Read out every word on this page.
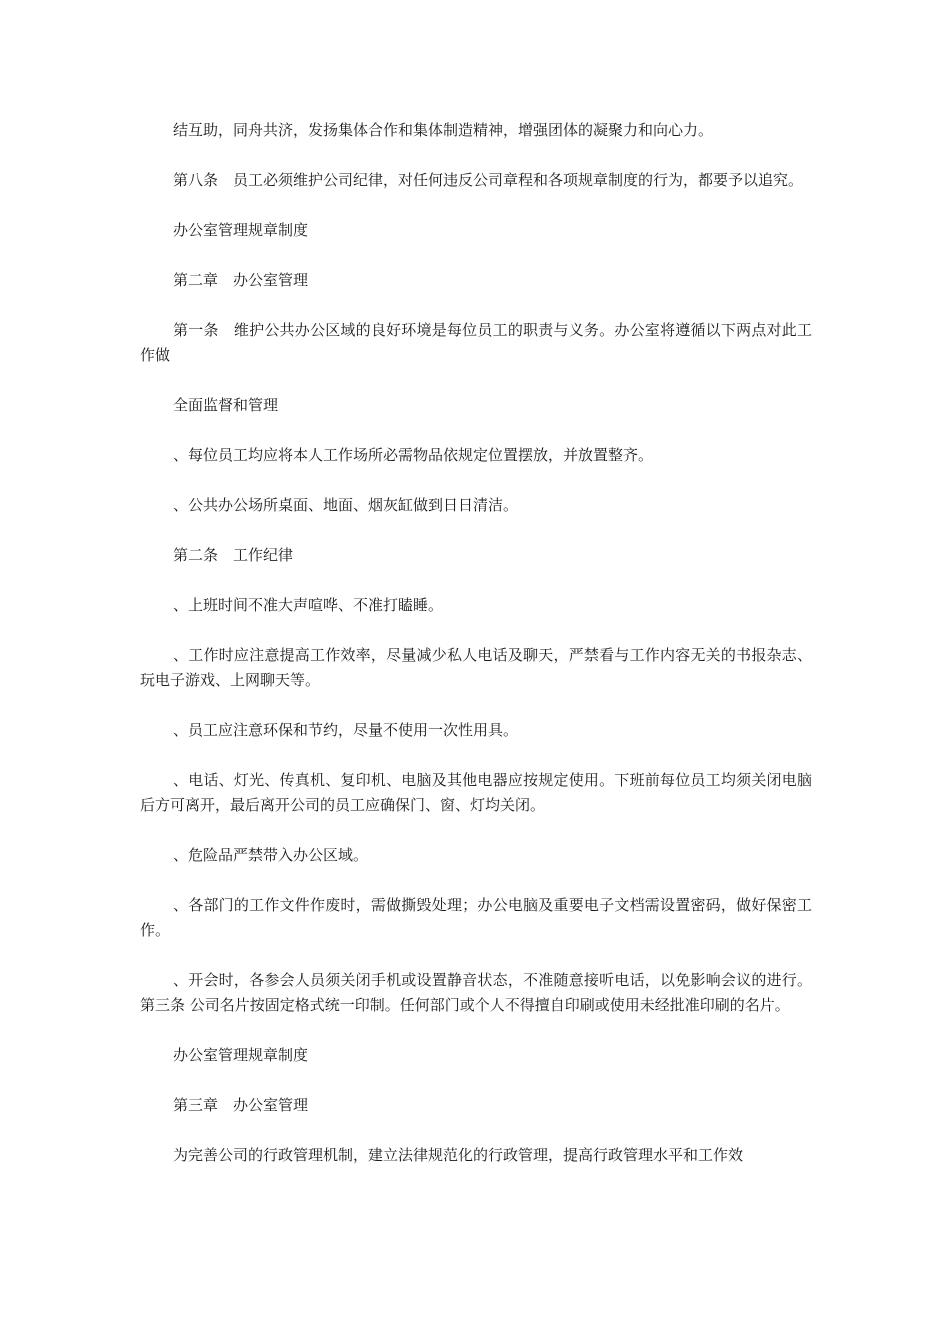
结互助，同舟共济，发扬集体合作和集体制造精神，增强团体的凝聚力和向心力。

第八条　员工必须维护公司纪律，对任何违反公司章程和各项规章制度的行为，都要予以追究。

办公室管理规章制度

第二章　办公室管理

第一条　维护公共办公区域的良好环境是每位员工的职责与义务。办公室将遵循以下两点对此工作做

全面监督和管理

、每位员工均应将本人工作场所必需物品依规定位置摆放，并放置整齐。

、公共办公场所桌面、地面、烟灰缸做到日日清洁。

第二条　工作纪律

、上班时间不准大声喧哗、不准打瞌睡。

、工作时应注意提高工作效率，尽量减少私人电话及聊天，严禁看与工作内容无关的书报杂志、玩电子游戏、上网聊天等。

、员工应注意环保和节约，尽量不使用一次性用具。

、电话、灯光、传真机、复印机、电脑及其他电器应按规定使用。下班前每位员工均须关闭电脑后方可离开，最后离开公司的员工应确保门、窗、灯均关闭。

、危险品严禁带入办公区域。

、各部门的工作文件作废时，需做撕毁处理；办公电脑及重要电子文档需设置密码，做好保密工作。

、开会时，各参会人员须关闭手机或设置静音状态，不准随意接听电话，以免影响会议的进行。第三条 公司名片按固定格式统一印制。任何部门或个人不得擅自印刷或使用未经批准印刷的名片。

办公室管理规章制度

第三章　办公室管理

为完善公司的行政管理机制，建立法律规范化的行政管理，提高行政管理水平和工作效
